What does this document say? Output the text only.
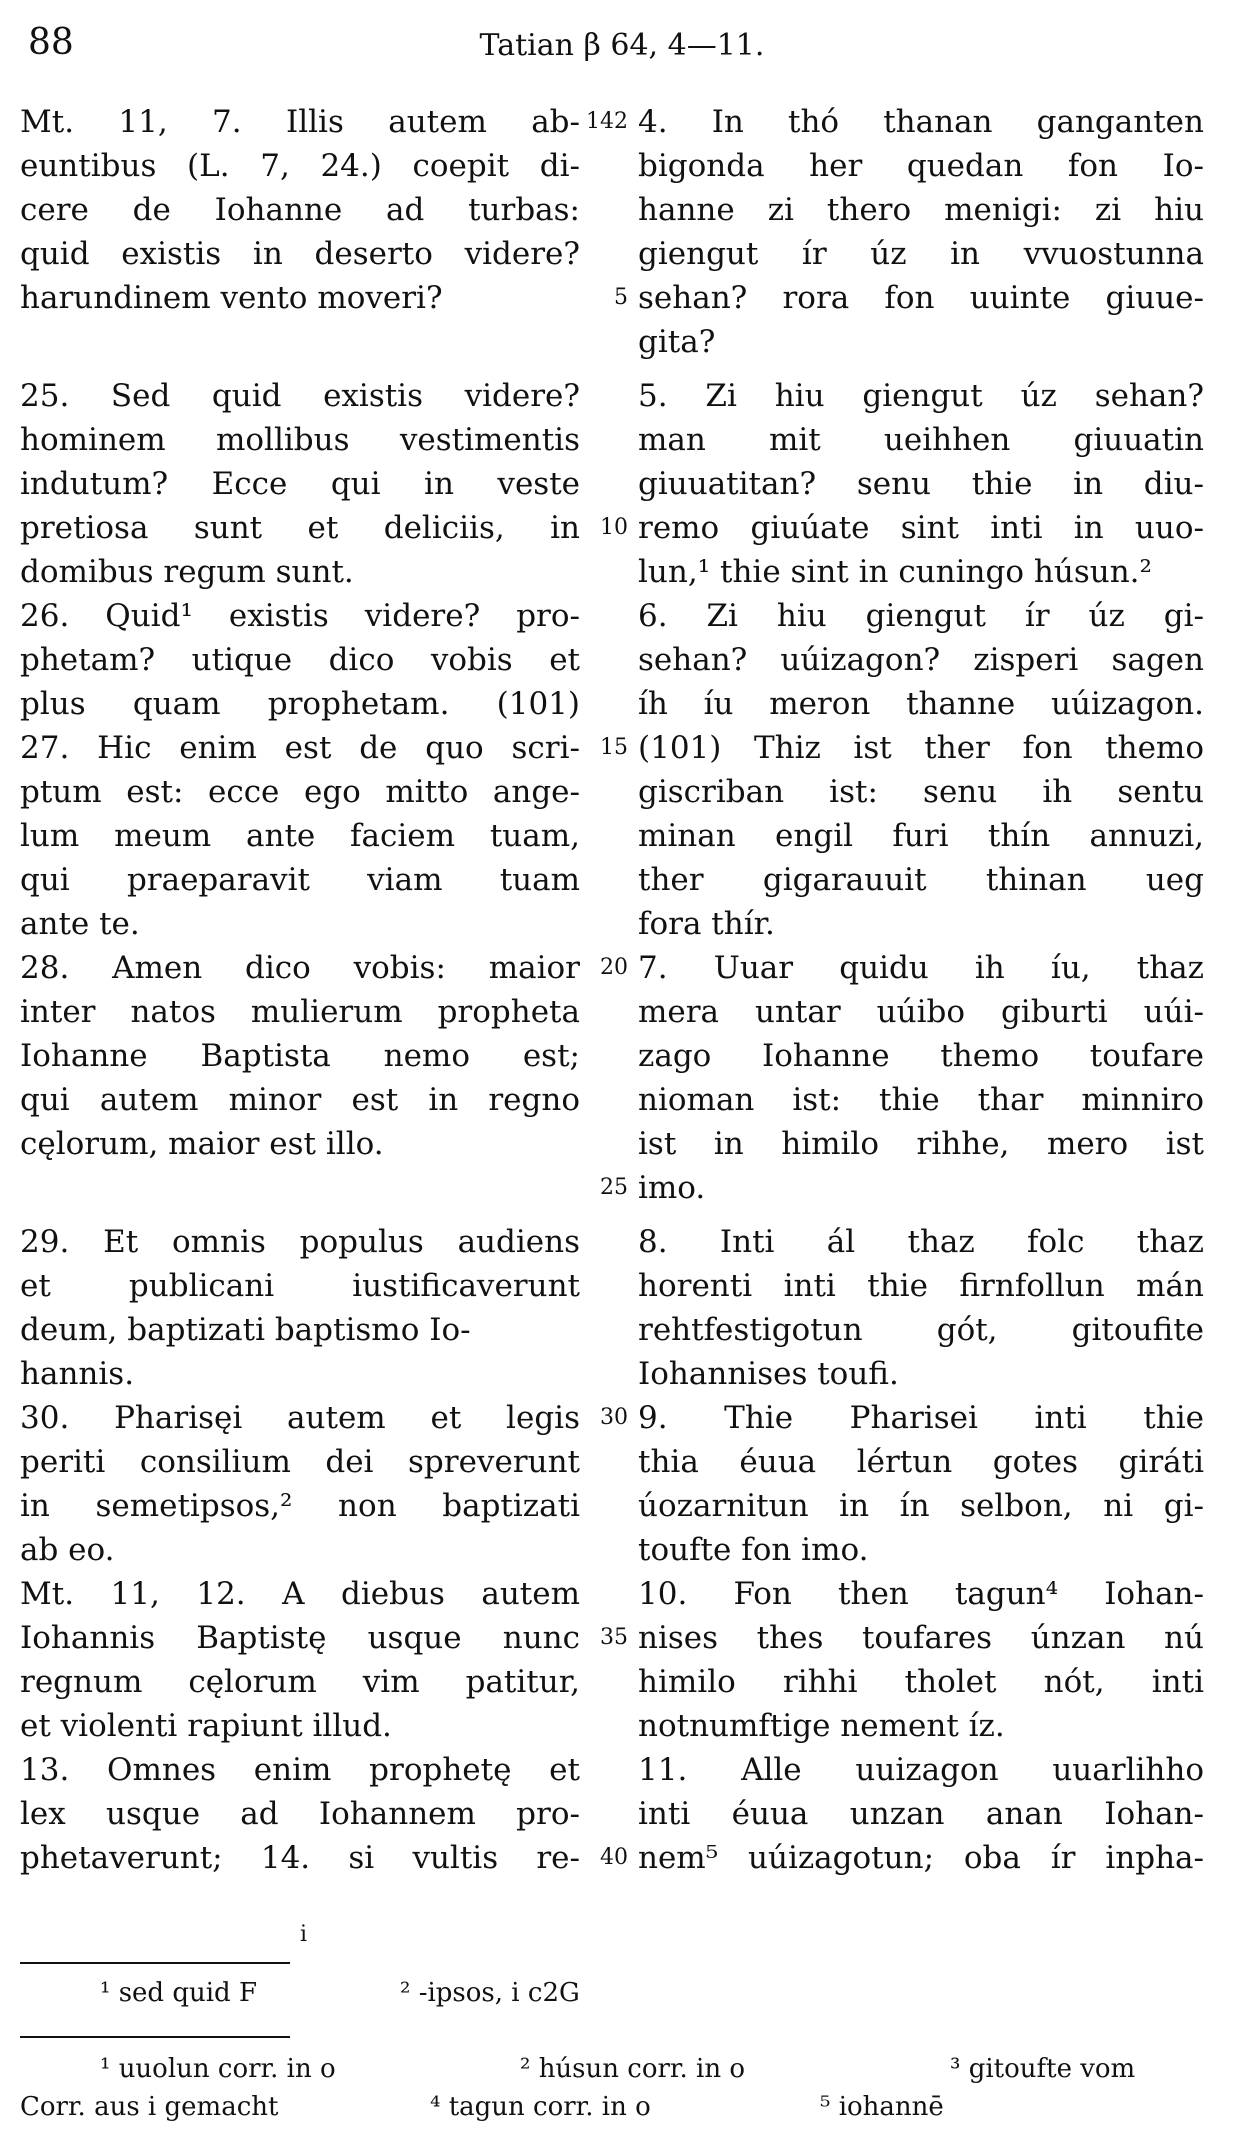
88	Tatian β 64, 4—11.
Mt. 11, 7. Illis autem ab- 142 4. In thó thanan ganganten
euntibus (L. 7, 24.) coepit di- bigonda her quedan fon Io-
cere de Iohanne ad turbas: hanne zi thero menigi: zi hiu
quid existis in deserto videre? giengut ír úz in vvuostunna
harundinem vento moveri?	5 sehan? rora fon uuinte giuue-
gita?
25. Sed quid existis videre? 5. Zi hiu giengut úz sehan?
hominem mollibus vestimentis man mit ueihhen giuuatin
indutum? Ecce qui in veste giuuatitan? senu thie in diu-
pretiosa sunt et deliciis, in 10 remo giuúate sint inti in uuo-
domibus regum sunt.	lun,¹ thie sint in cuningo húsun.²
26. Quid¹ existis videre? pro- 6. Zi hiu giengut ír úz gi-
phetam? utique dico vobis et sehan? uúizagon? zisperi sagen
plus quam prophetam. (101) íh íu meron thanne uúizagon.
27. Hic enim est de quo scri- 15 (101) Thiz ist ther fon themo
ptum est: ecce ego mitto ange- giscriban ist: senu ih sentu
lum meum ante faciem tuam, minan engil furi thín annuzi,
qui praeparavit viam tuam ther gigarauuit thinan ueg
ante te.	fora thír.
28. Amen dico vobis: maior 20 7. Uuar quidu ih íu, thaz
inter natos mulierum propheta mera untar uúibo giburti uúi-
Iohanne Baptista nemo est; zago Iohanne themo toufare
qui autem minor est in regno nioman ist: thie thar minniro
cęlorum, maior est illo.	ist in himilo rihhe, mero ist
25 imo.
29. Et omnis populus audiens 8. Inti ál thaz folc thaz
et publicani iustificaverunt horenti inti thie firnfollun mán
deum, baptizati baptismo Io-	rehtfestigotun gót, gitoufite
hannis.	Iohannises toufi.
30. Pharisęi autem et legis 30 9. Thie Pharisei inti thie
periti consilium dei spreverunt thia éuua lértun gotes giráti
in semetipsos,² non baptizati úozarnitun in ín selbon, ni gi-
ab eo.	toufte fon imo.
Mt. 11, 12. A diebus autem 10. Fon then tagun⁴ Iohan-
Iohannis Baptistę usque nunc 35 nises thes toufares únzan nú
regnum cęlorum vim patitur, himilo rihhi tholet nót, inti
et violenti rapiunt illud.	notnumftige nement íz.
13. Omnes enim prophetę et 11. Alle uuizagon uuarlihho
lex usque ad Iohannem pro- inti éuua unzan anan Iohan-
phetaverunt; 14. si vultis re- 40 nem⁵ uúizagotun; oba ír inpha-
i
¹ sed quid F	² -ipsos, i c2G
¹ uuolun corr. in o	² húsun corr. in o	³ gitoufte vom
Corr. aus i gemacht	⁴ tagun corr. in o	⁵ iohannē
